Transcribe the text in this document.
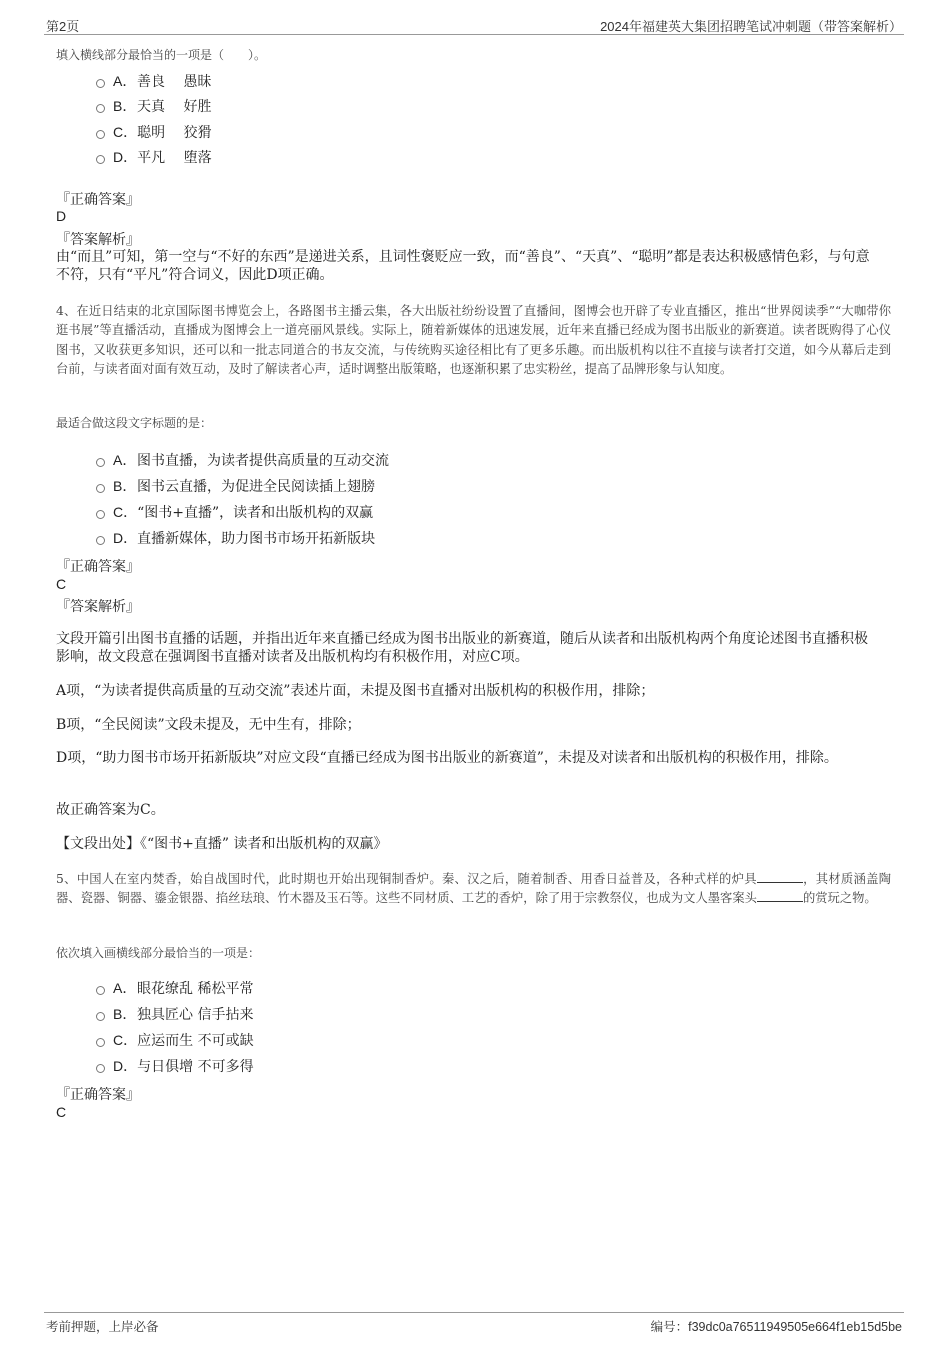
第2页	2024年福建英大集团招聘笔试冲刺题（带答案解析）
填入横线部分最恰当的一项是（　　）。
A． 善良　 愚昧
B． 天真　 好胜
C． 聪明　 狡猾
D． 平凡　 堕落
『正确答案』
D
『答案解析』
由“而且”可知，第一空与“不好的东西”是递进关系，且词性褒贬应一致，而“善良”、“天真”、“聪明”都是表达积极感情色彩，与句意不符，只有“平凡”符合词义，因此D项正确。
4、在近日结束的北京国际图书博览会上，各路图书主播云集，各大出版社纷纷设置了直播间，图博会也开辟了专业直播区，推出“世界阅读季”“大咖带你逛书展”等直播活动，直播成为图博会上一道亮丽风景线。实际上，随着新媒体的迅速发展，近年来直播已经成为图书出版业的新赛道。读者既购得了心仪图书，又收获更多知识，还可以和一批志同道合的书友交流，与传统购买途径相比有了更多乐趣。而出版机构以往不直接与读者打交道，如今从幕后走到台前，与读者面对面有效互动，及时了解读者心声，适时调整出版策略，也逐渐积累了忠实粉丝，提高了品牌形象与认知度。
最适合做这段文字标题的是：
A． 图书直播，为读者提供高质量的互动交流
B． 图书云直播，为促进全民阅读插上翅膀
C． “图书+直播”，读者和出版机构的双赢
D． 直播新媒体，助力图书市场开拓新版块
『正确答案』
C
『答案解析』
文段开篇引出图书直播的话题，并指出近年来直播已经成为图书出版业的新赛道，随后从读者和出版机构两个角度论述图书直播积极影响，故文段意在强调图书直播对读者及出版机构均有积极作用，对应C项。
A项，“为读者提供高质量的互动交流”表述片面，未提及图书直播对出版机构的积极作用，排除；
B项，“全民阅读”文段未提及，无中生有，排除；
D项，“助力图书市场开拓新版块”对应文段“直播已经成为图书出版业的新赛道”，未提及对读者和出版机构的积极作用，排除。
故正确答案为C。
【文段出处】《“图书+直播” 读者和出版机构的双赢》
5、中国人在室内焚香，始自战国时代，此时期也开始出现铜制香炉。秦、汉之后，随着制香、用香日益普及，各种式样的炉具	，其材质涵盖陶器、瓷器、铜器、鎏金银器、掐丝珐琅、竹木器及玉石等。这些不同材质、工艺的香炉，除了用于宗教祭仪，也成为文人墨客案头	的赏玩之物。
依次填入画横线部分最恰当的一项是：
A． 眼花缭乱 稀松平常
B． 独具匠心 信手拈来
C． 应运而生 不可或缺
D． 与日俱增 不可多得
『正确答案』
C
考前押题，上岸必备	编号：f39dc0a76511949505e664f1eb15d5be
